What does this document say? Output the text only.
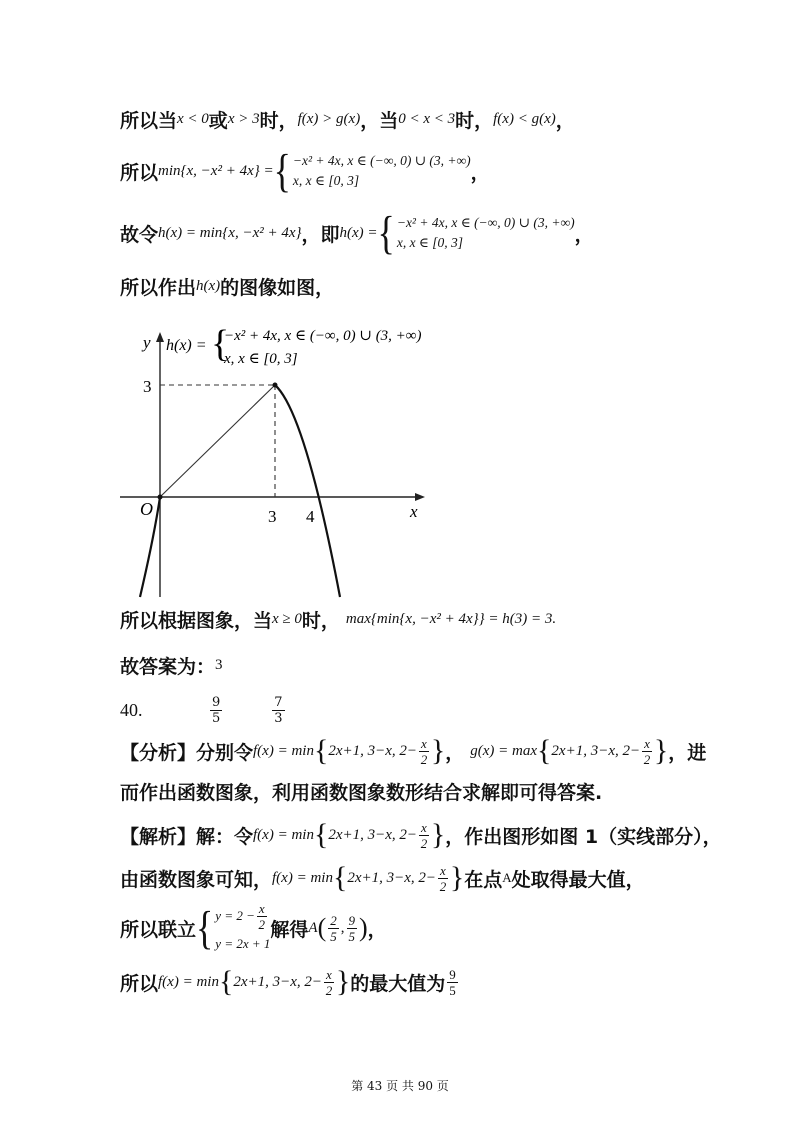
所以当 x < 0 或 x > 3 时， f(x) > g(x) ，当 0 < x < 3 时， f(x) < g(x) ，
所以 min{x, −x² + 4x} = { −x² + 4x, x ∈ (−∞, 0) ∪ (3, +∞)
x, x ∈ [0, 3]	，
故令 h(x) = min{x, −x² + 4x} ，即 h(x) = { −x² + 4x, x ∈ (−∞, 0) ∪ (3, +∞)
x, x ∈ [0, 3]	，
所以作出 h(x) 的图像如图，
y
x
O	3 4
3
h(x) = {
−x² + 4x, x ∈ (−∞, 0) ∪ (3, +∞)
x, x ∈ [0, 3]
所以根据图象，当 x ≥ 0 时， max{min{x, −x² + 4x}} = h(3) = 3 .
故答案为： 3
40.	$\frac{9}{5}$	$\frac{7}{3}$
【分析】分别令 f(x) = min { 2x+1, 3−x, $2- \frac{x}{2}$ } ， g(x) = max { 2x+1, 3−x, $2- \frac{x}{2}$ } ，进
而作出函数图象，利用函数图象数形结合求解即可得答案.
【解析】解：令 f(x) = min { 2x+1, 3−x, $2- \frac{x}{2}$ } ，作出图形如图 1（实线部分），
由函数图象可知， f(x) = min { 2x+1, 3−x, $2- \frac{x}{2}$ } 在点 A 处取得最大值，
所以联立 { $y = 2 - \frac{x}{2}$
y = 2x + 1
解得 A ( $\frac{2}{5}$ , $\frac{9}{5}$ ) ，
所以 f(x) = min { 2x+1, 3−x, $2- \frac{x}{2}$ } 的最大值为 $\frac{9}{5}$
第 43 页 共 90 页
